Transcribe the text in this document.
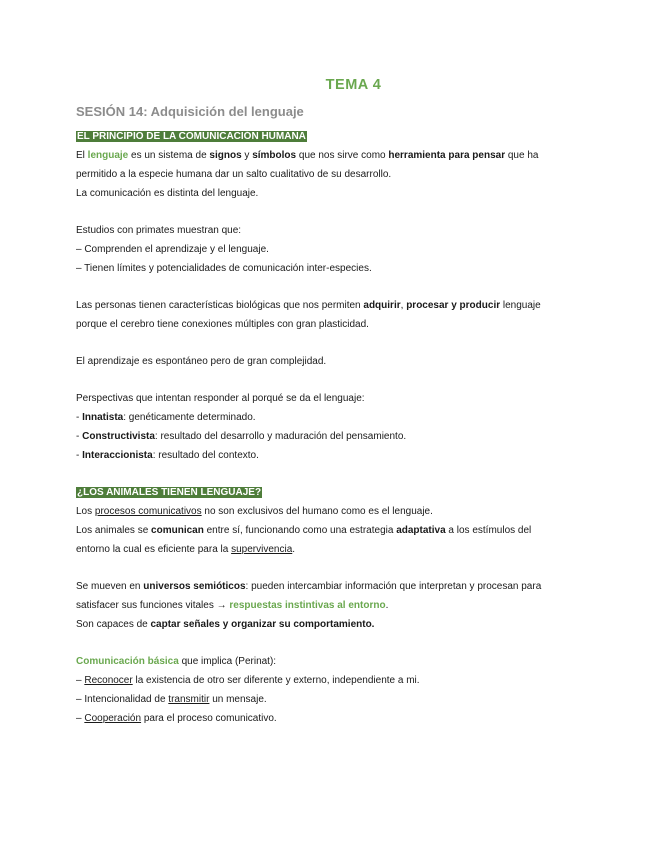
TEMA 4
SESIÓN 14: Adquisición del lenguaje
EL PRINCIPIO DE LA COMUNICACIÓN HUMANA
El lenguaje es un sistema de signos y símbolos que nos sirve como herramienta para pensar que ha
permitido a la especie humana dar un salto cualitativo de su desarrollo.
La comunicación es distinta del lenguaje.
Estudios con primates muestran que:
– Comprenden el aprendizaje y el lenguaje.
– Tienen límites y potencialidades de comunicación inter-especies.
Las personas tienen características biológicas que nos permiten adquirir, procesar y producir lenguaje
porque el cerebro tiene conexiones múltiples con gran plasticidad.
El aprendizaje es espontáneo pero de gran complejidad.
Perspectivas que intentan responder al porqué se da el lenguaje:
- Innatista: genéticamente determinado.
- Constructivista: resultado del desarrollo y maduración del pensamiento.
- Interaccionista: resultado del contexto.
¿LOS ANIMALES TIENEN LENGUAJE?
Los procesos comunicativos no son exclusivos del humano como es el lenguaje.
Los animales se comunican entre sí, funcionando como una estrategia adaptativa a los estímulos del
entorno la cual es eficiente para la supervivencia.
Se mueven en universos semióticos: pueden intercambiar información que interpretan y procesan para
satisfacer sus funciones vitales → respuestas instintivas al entorno.
Son capaces de captar señales y organizar su comportamiento.
Comunicación básica que implica (Perinat):
– Reconocer la existencia de otro ser diferente y externo, independiente a mi.
– Intencionalidad de transmitir un mensaje.
– Cooperación para el proceso comunicativo.
